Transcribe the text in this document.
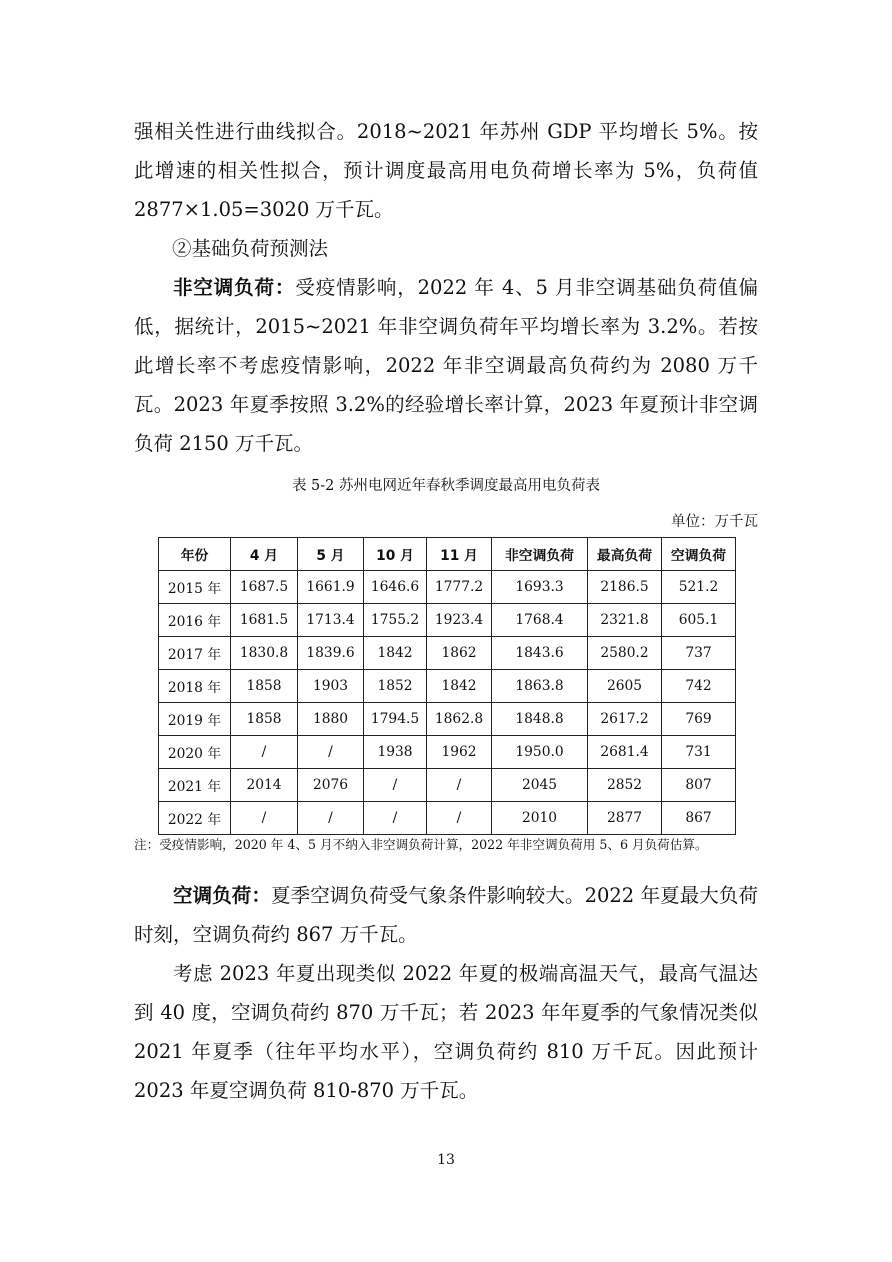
强相关性进行曲线拟合。2018~2021 年苏州 GDP 平均增长 5%。按此增速的相关性拟合，预计调度最高用电负荷增长率为 5%，负荷值 2877×1.05=3020 万千瓦。

②基础负荷预测法

非空调负荷：受疫情影响，2022 年 4、5 月非空调基础负荷值偏低，据统计，2015~2021 年非空调负荷年平均增长率为 3.2%。若按此增长率不考虑疫情影响，2022 年非空调最高负荷约为 2080 万千瓦。2023 年夏季按照 3.2%的经验增长率计算，2023 年夏预计非空调负荷 2150 万千瓦。

表 5-2 苏州电网近年春秋季调度最高用电负荷表
单位：万千瓦
年份	4 月	5 月	10 月	11 月	非空调负荷	最高负荷	空调负荷
2015 年	1687.5	1661.9	1646.6	1777.2	1693.3	2186.5	521.2
2016 年	1681.5	1713.4	1755.2	1923.4	1768.4	2321.8	605.1
2017 年	1830.8	1839.6	1842	1862	1843.6	2580.2	737
2018 年	1858	1903	1852	1842	1863.8	2605	742
2019 年	1858	1880	1794.5	1862.8	1848.8	2617.2	769
2020 年	/	/	1938	1962	1950.0	2681.4	731
2021 年	2014	2076	/	/	2045	2852	807
2022 年	/	/	/	/	2010	2877	867

注：受疫情影响，2020 年 4、5 月不纳入非空调负荷计算，2022 年非空调负荷用 5、6 月负荷估算。

空调负荷：夏季空调负荷受气象条件影响较大。2022 年夏最大负荷时刻，空调负荷约 867 万千瓦。

考虑 2023 年夏出现类似 2022 年夏的极端高温天气，最高气温达到 40 度，空调负荷约 870 万千瓦；若 2023 年年夏季的气象情况类似 2021 年夏季（往年平均水平），空调负荷约 810 万千瓦。因此预计 2023 年夏空调负荷 810-870 万千瓦。

13
